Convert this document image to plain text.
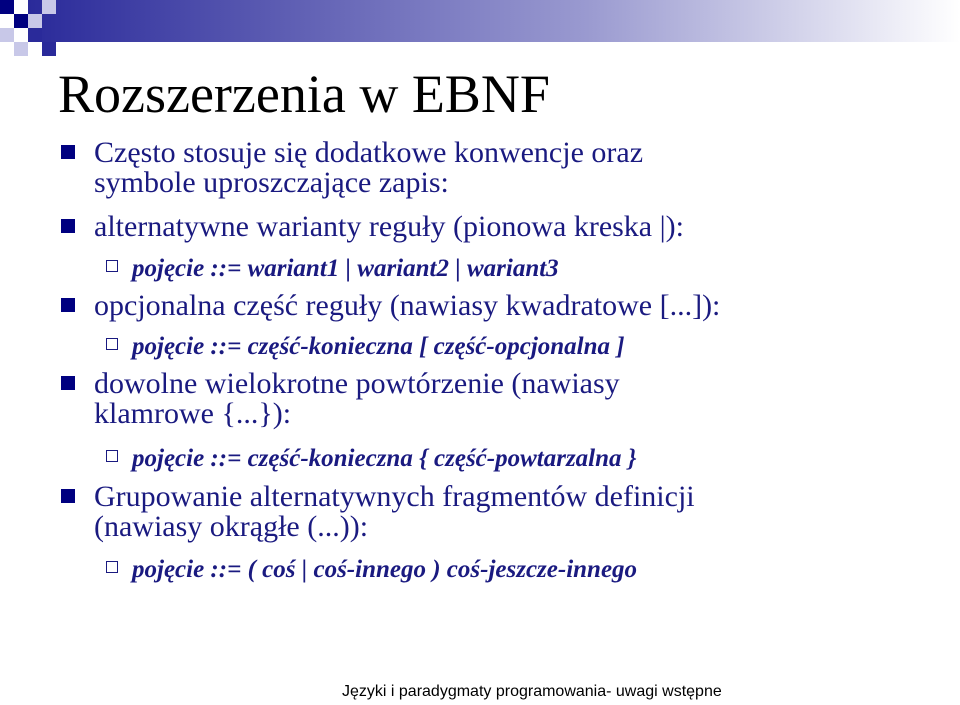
Rozszerzenia w EBNF
Często stosuje się dodatkowe konwencje oraz
symbole uproszczające zapis:
alternatywne warianty reguły (pionowa kreska |):
pojęcie ::= wariant1 | wariant2 | wariant3
opcjonalna część reguły (nawiasy kwadratowe [...]):
pojęcie ::= część-konieczna [ część-opcjonalna ]
dowolne wielokrotne powtórzenie (nawiasy
klamrowe {...}):
pojęcie ::= część-konieczna { część-powtarzalna }
Grupowanie alternatywnych fragmentów definicji
(nawiasy okrągłe (...)):
pojęcie ::= ( coś | coś-innego ) coś-jeszcze-innego
Języki i paradygmaty programowania- uwagi wstępne
